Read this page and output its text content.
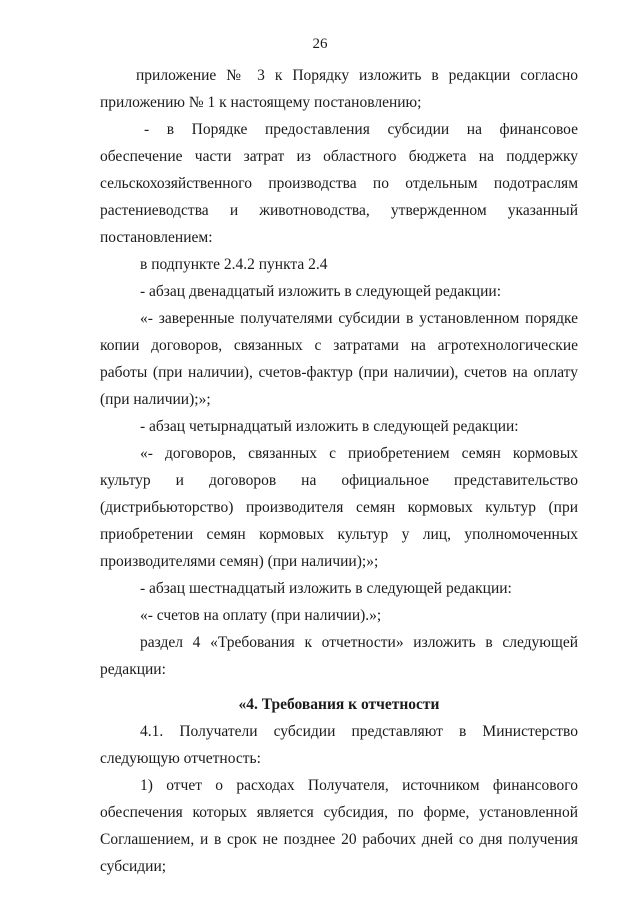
26

приложение № 3 к Порядку изложить в редакции согласно приложению № 1 к настоящему постановлению;

- в Порядке предоставления субсидии на финансовое обеспечение части затрат из областного бюджета на поддержку сельскохозяйственного производства по отдельным подотраслям растениеводства и животноводства, утвержденном указанный постановлением:

в подпункте 2.4.2 пункта 2.4

- абзац двенадцатый изложить в следующей редакции:

«- заверенные получателями субсидии в установленном порядке копии договоров, связанных с затратами на агротехнологические работы (при наличии), счетов-фактур (при наличии), счетов на оплату (при наличии);»;

- абзац четырнадцатый изложить в следующей редакции:

«- договоров, связанных с приобретением семян кормовых культур и договоров на официальное представительство (дистрибьюторство) производителя семян кормовых культур (при приобретении семян кормовых культур у лиц, уполномоченных производителями семян) (при наличии);»;

- абзац шестнадцатый изложить в следующей редакции:

«- счетов на оплату (при наличии).»;

раздел 4 «Требования к отчетности» изложить в следующей редакции:

«4. Требования к отчетности

4.1. Получатели субсидии представляют в Министерство следующую отчетность:

1) отчет о расходах Получателя, источником финансового обеспечения которых является субсидия, по форме, установленной Соглашением, и в срок не позднее 20 рабочих дней со дня получения субсидии;
